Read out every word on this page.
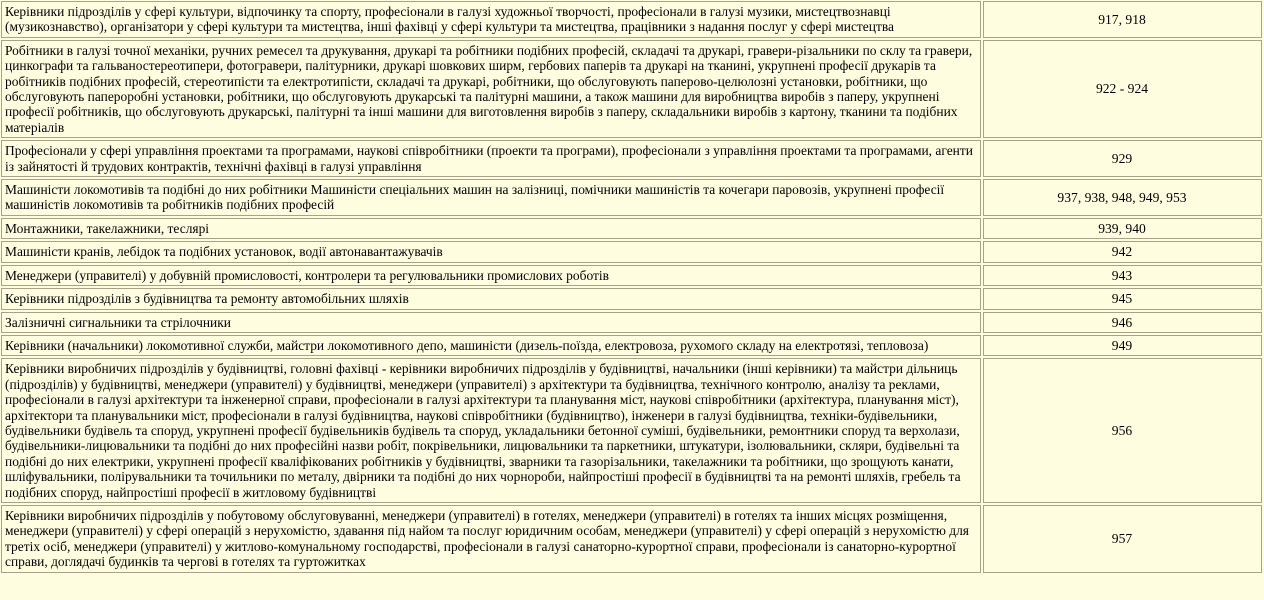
Керівники підрозділів у сфері культури, відпочинку та спорту, професіонали в галузі художньої творчості, професіонали в галузі музики, мистецтвознавці (музикознавство), організатори у сфері культури та мистецтва, інші фахівці у сфері культури та мистецтва, працівники з надання послуг у сфері мистецтва	917, 918
Робітники в галузі точної механіки, ручних ремесел та друкування, друкарі та робітники подібних професій, складачі та друкарі, гравери-різальники по склу та гравери, цинкографи та гальваностереотипери, фотогравери, палітурники, друкарі шовкових ширм, гербових паперів та друкарі на тканині, укрупнені професії друкарів та робітників подібних професій, стереотипісти та електротипісти, складачі та друкарі, робітники, що обслуговують паперово-целюлозні установки, робітники, що обслуговують папероробні установки, робітники, що обслуговують друкарські та палітурні машини, а також машини для виробництва виробів з паперу, укрупнені професії робітників, що обслуговують друкарські, палітурні та інші машини для виготовлення виробів з паперу, складальники виробів з картону, тканини та подібних матеріалів	922 - 924
Професіонали у сфері управління проектами та програмами, наукові співробітники (проекти та програми), професіонали з управління проектами та програмами, агенти із зайнятості й трудових контрактів, технічні фахівці в галузі управління	929
Машиністи локомотивів та подібні до них робітники Машиністи спеціальних машин на залізниці, помічники машиністів та кочегари паровозів, укрупнені професії машиністів локомотивів та робітників подібних професій	937, 938, 948, 949, 953
Монтажники, такелажники, теслярі	939, 940
Машиністи кранів, лебідок та подібних установок, водії автонавантажувачів	942
Менеджери (управителі) у добувній промисловості, контролери та регулювальники промислових роботів	943
Керівники підрозділів з будівництва та ремонту автомобільних шляхів	945
Залізничні сигнальники та стрілочники	946
Керівники (начальники) локомотивної служби, майстри локомотивного депо, машиністи (дизель-поїзда, електровоза, рухомого складу на електротязі, тепловоза)	949
Керівники виробничих підрозділів у будівництві, головні фахівці - керівники виробничих підрозділів у будівництві, начальники (інші керівники) та майстри дільниць (підрозділів) у будівництві, менеджери (управителі) у будівництві, менеджери (управителі) з архітектури та будівництва, технічного контролю, аналізу та реклами, професіонали в галузі архітектури та інженерної справи, професіонали в галузі архітектури та планування міст, наукові співробітники (архітектура, планування міст), архітектори та планувальники міст, професіонали в галузі будівництва, наукові співробітники (будівництво), інженери в галузі будівництва, техніки-будівельники, будівельники будівель та споруд, укрупнені професії будівельників будівель та споруд, укладальники бетонної суміші, будівельники, ремонтники споруд та верхолази, будівельники-лицювальники та подібні до них професійні назви робіт, покрівельники, лицювальники та паркетники, штукатури, ізолювальники, скляри, будівельні та подібні до них електрики, укрупнені професії кваліфікованих робітників у будівництві, зварники та газорізальники, такелажники та робітники, що зрощують канати, шліфувальники, полірувальники та точильники по металу, двірники та подібні до них чорнороби, найпростіші професії в будівництві та на ремонті шляхів, гребель та подібних споруд, найпростіші професії в житловому будівництві	956
Керівники виробничих підрозділів у побутовому обслуговуванні, менеджери (управителі) в готелях, менеджери (управителі) в готелях та інших місцях розміщення, менеджери (управителі) у сфері операцій з нерухомістю, здавання під найом та послуг юридичним особам, менеджери (управителі) у сфері операцій з нерухомістю для третіх осіб, менеджери (управителі) у житлово-комунальному господарстві, професіонали в галузі санаторно-курортної справи, професіонали із санаторно-курортної справи, доглядачі будинків та чергові в готелях та гуртожитках	957
